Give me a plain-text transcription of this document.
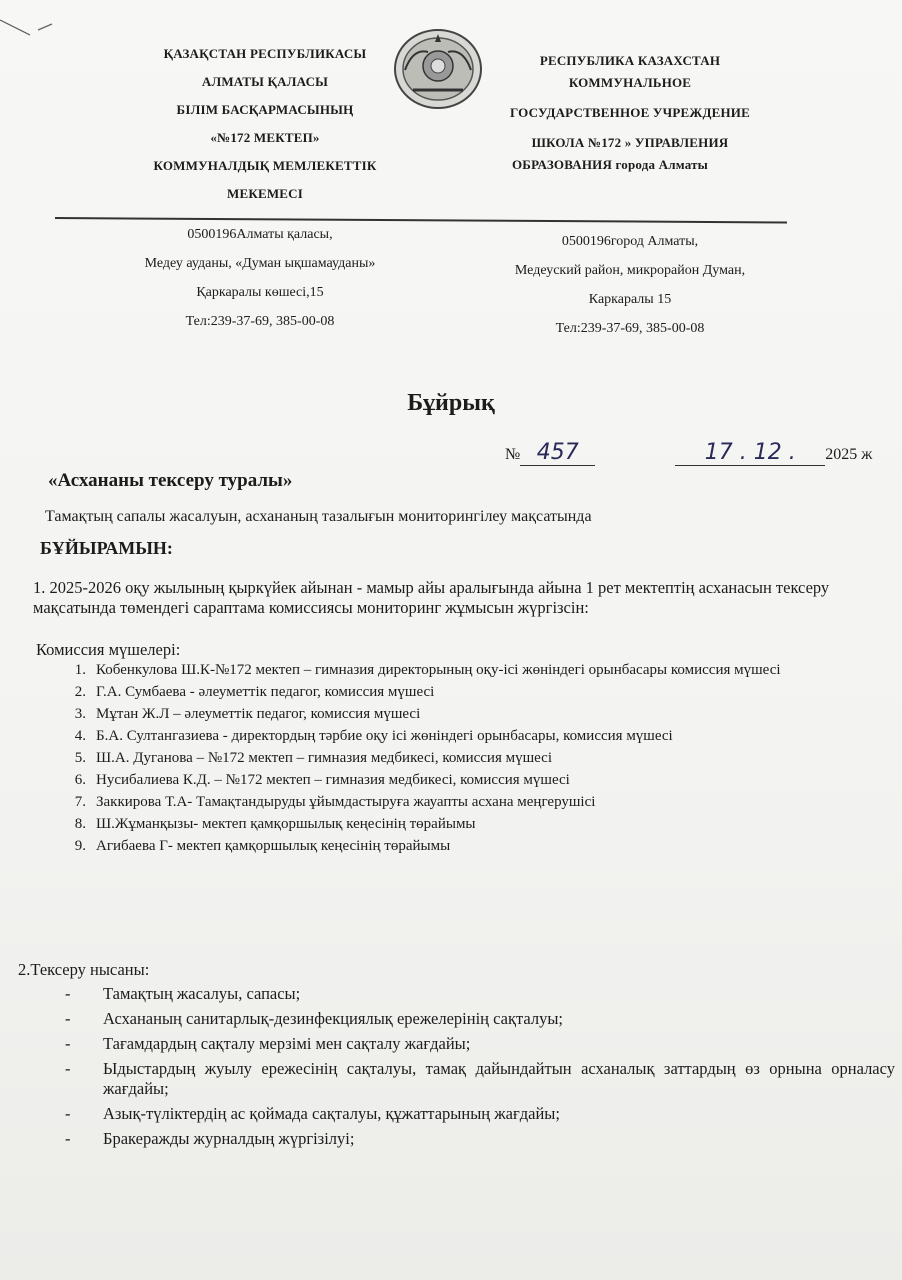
ҚАЗАҚСТАН РЕСПУБЛИКАСЫ
АЛМАТЫ ҚАЛАСЫ
БІЛІМ БАСҚАРМАСЫНЫҢ
«№172 МЕКТЕП»
КОММУНАЛДЫҚ МЕМЛЕКЕТТІК
МЕКЕМЕСІ
РЕСПУБЛИКА КАЗАХСТАН
КОММУНАЛЬНОЕ
ГОСУДАРСТВЕННОЕ УЧРЕЖДЕНИЕ
ШКОЛА №172 » УПРАВЛЕНИЯ
ОБРАЗОВАНИЯ города Алматы
0500196Алматы қаласы,
Медеу ауданы, «Думан ықшамауданы»
Қаркаралы көшесі,15
Тел:239-37-69, 385-00-08
0500196город Алматы,
Медеуский район, микрорайон Думан,
Каркаралы 15
Тел:239-37-69, 385-00-08
Бұйрық
№ 457	17 . 12 . 2025 ж
«Асхананы тексеру туралы»
Тамақтың сапалы жасалуын, асхананың тазалығын мониторингілеу мақсатында
БҰЙЫРАМЫН:
1. 2025-2026 оқу жылының қыркүйек айынан - мамыр айы аралығында айына 1 рет мектептің асханасын тексеру мақсатында төмендегі сараптама комиссиясы мониторинг жұмысын жүргізсін:
Комиссия мүшелері:
1. Кобенкулова Ш.К-№172 мектеп – гимназия директорының оқу-ісі жөніндегі орынбасары комиссия мүшесі
2. Г.А. Сумбаева - әлеуметтік педагог, комиссия мүшесі
3. Мұтан Ж.Л – әлеуметтік педагог, комиссия мүшесі
4. Б.А. Султангазиева - директордың тәрбие оқу ісі жөніндегі орынбасары, комиссия мүшесі
5. Ш.А. Дуганова – №172 мектеп – гимназия медбикесі, комиссия мүшесі
6. Нусибалиева К.Д. – №172 мектеп – гимназия медбикесі, комиссия мүшесі
7. Заккирова Т.А- Тамақтандыруды ұйымдастыруға жауапты асхана меңгерушісі
8. Ш.Жұманқызы- мектеп қамқоршылық кеңесінің төрайымы
9. Агибаева Г- мектеп қамқоршылық кеңесінің төрайымы
2.Тексеру нысаны:
-	Тамақтың жасалуы, сапасы;
-	Асхананың санитарлық-дезинфекциялық ережелерінің сақталуы;
-	Тағамдардың сақталу мерзімі мен сақталу жағдайы;
-	Ыдыстардың жуылу ережесінің сақталуы, тамақ дайындайтын асханалық заттардың өз орнына орналасу жағдайы;
-	Азық-түліктердің ас қоймада сақталуы, құжаттарының жағдайы;
-	Бракеражды журналдың жүргізілуі;
